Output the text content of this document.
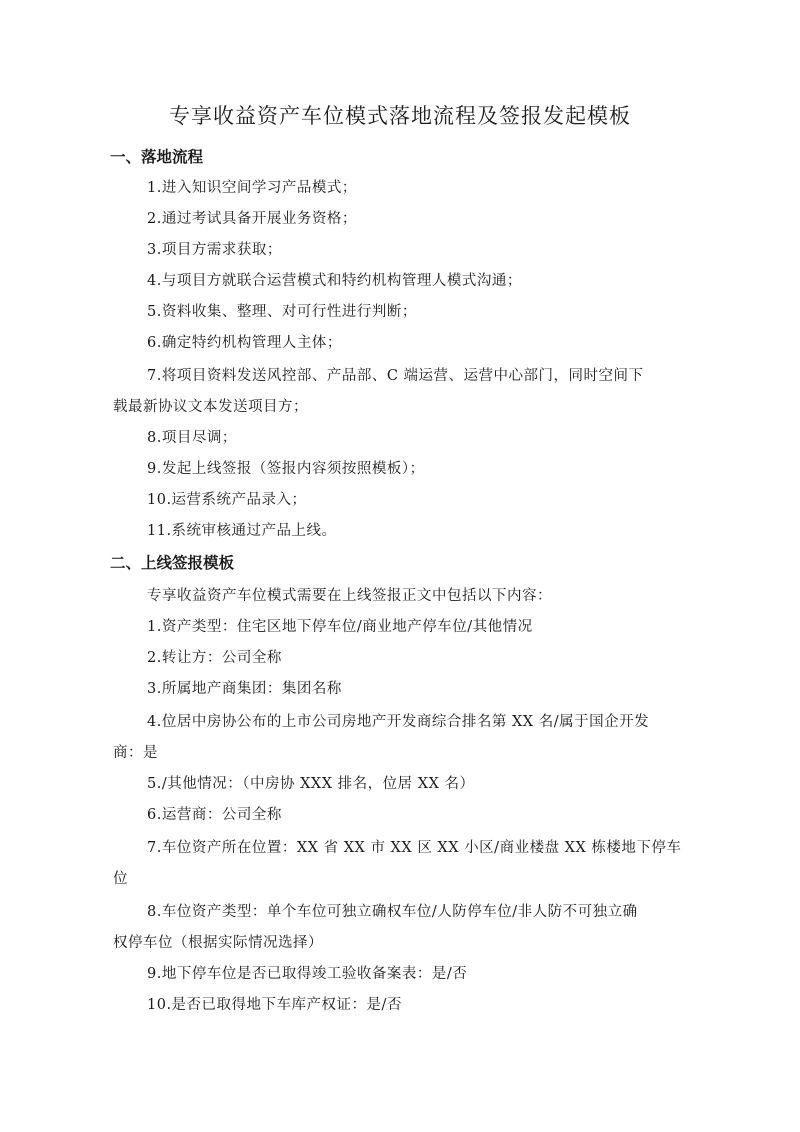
专享收益资产车位模式落地流程及签报发起模板
一、落地流程
1.进入知识空间学习产品模式；
2.通过考试具备开展业务资格；
3.项目方需求获取；
4.与项目方就联合运营模式和特约机构管理人模式沟通；
5.资料收集、整理、对可行性进行判断；
6.确定特约机构管理人主体；
7.将项目资料发送风控部、产品部、C 端运营、运营中心部门，同时空间下
载最新协议文本发送项目方；
8.项目尽调；
9.发起上线签报（签报内容须按照模板）；
10.运营系统产品录入；
11.系统审核通过产品上线。
二、上线签报模板
专享收益资产车位模式需要在上线签报正文中包括以下内容：
1.资产类型：住宅区地下停车位/商业地产停车位/其他情况
2.转让方：公司全称
3.所属地产商集团：集团名称
4.位居中房协公布的上市公司房地产开发商综合排名第 XX 名/属于国企开发
商：是
5./其他情况：（中房协 XXX 排名，位居 XX 名）
6.运营商：公司全称
7.车位资产所在位置：XX 省 XX 市 XX 区 XX 小区/商业楼盘 XX 栋楼地下停车
位
8.车位资产类型：单个车位可独立确权车位/人防停车位/非人防不可独立确
权停车位（根据实际情况选择）
9.地下停车位是否已取得竣工验收备案表：是/否
10.是否已取得地下车库产权证：是/否
